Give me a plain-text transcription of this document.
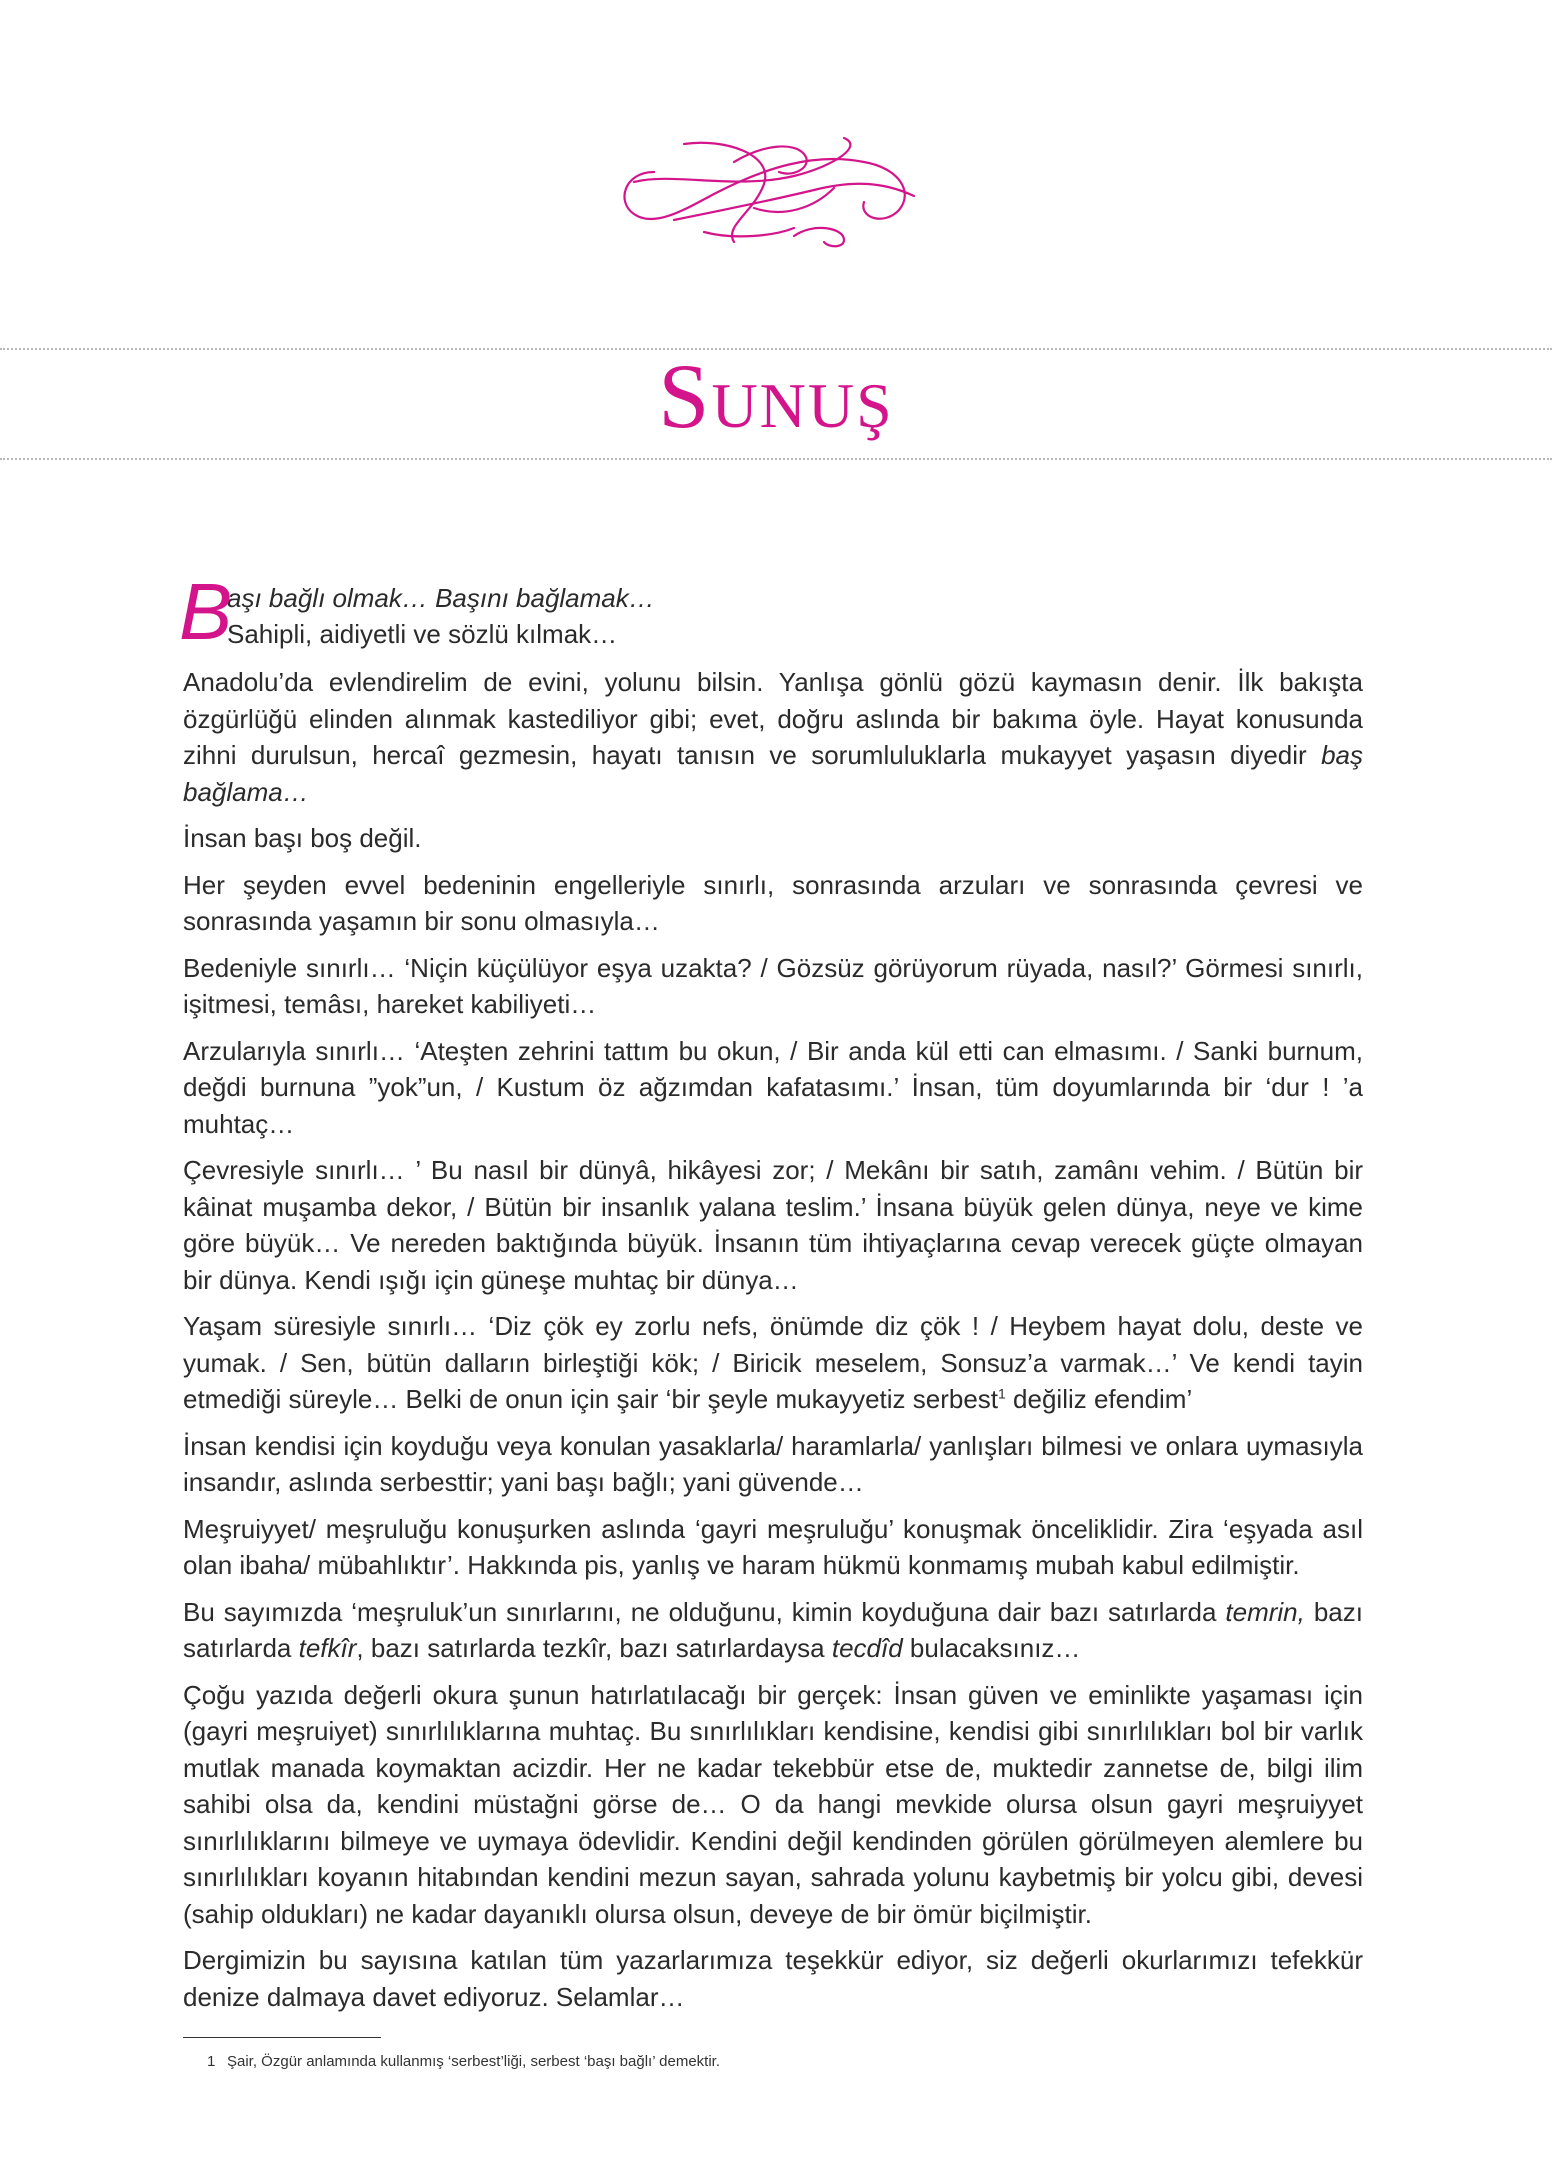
Sunuş
B
aşı bağlı olmak… Başını bağlamak…
Sahipli, aidiyetli ve sözlü kılmak…

Anadolu’da evlendirelim de evini, yolunu bilsin. Yanlışa gönlü gözü kaymasın denir. İlk bakışta özgürlüğü elinden alınmak kastediliyor gibi; evet, doğru aslında bir bakıma öyle. Hayat konusunda zihni durulsun, hercaî gezmesin, hayatı tanısın ve sorumluluklarla mukayyet yaşasın diyedir baş bağlama…

İnsan başı boş değil.

Her şeyden evvel bedeninin engelleriyle sınırlı, sonrasında arzuları ve sonrasında çevresi ve sonrasında yaşamın bir sonu olmasıyla…

Bedeniyle sınırlı… ‘Niçin küçülüyor eşya uzakta? / Gözsüz görüyorum rüyada, nasıl?’ Görmesi sınırlı, işitmesi, temâsı, hareket kabiliyeti…

Arzularıyla sınırlı… ‘Ateşten zehrini tattım bu okun, / Bir anda kül etti can elmasımı. / Sanki burnum, değdi burnuna ”yok”un, / Kustum öz ağzımdan kafatasımı.’ İnsan, tüm doyumlarında bir ‘dur ! ’a muhtaç…

Çevresiyle sınırlı… ’ Bu nasıl bir dünyâ, hikâyesi zor; / Mekânı bir satıh, zamânı vehim. / Bütün bir kâinat muşamba dekor, / Bütün bir insanlık yalana teslim.’ İnsana büyük gelen dünya, neye ve kime göre büyük… Ve nereden baktığında büyük. İnsanın tüm ihtiyaçlarına cevap verecek güçte olmayan bir dünya. Kendi ışığı için güneşe muhtaç bir dünya…

Yaşam süresiyle sınırlı… ‘Diz çök ey zorlu nefs, önümde diz çök ! / Heybem hayat dolu, deste ve yumak. / Sen, bütün dalların birleştiği kök; / Biricik meselem, Sonsuz’a varmak…’ Ve kendi tayin etmediği süreyle… Belki de onun için şair ‘bir şeyle mukayyetiz serbest$^1$ değiliz efendim’

İnsan kendisi için koyduğu veya konulan yasaklarla/ haramlarla/ yanlışları bilmesi ve onlara uymasıyla insandır, aslında serbesttir; yani başı bağlı; yani güvende…

Meşruiyyet/ meşruluğu konuşurken aslında ‘gayri meşruluğu’ konuşmak önceliklidir. Zira ‘eşyada asıl olan ibaha/ mübahlıktır’. Hakkında pis, yanlış ve haram hükmü konmamış mubah kabul edilmiştir.

Bu sayımızda ‘meşruluk’un sınırlarını, ne olduğunu, kimin koyduğuna dair bazı satırlarda temrin, bazı satırlarda tefkîr, bazı satırlarda tezkîr, bazı satırlardaysa tecdîd bulacaksınız…

Çoğu yazıda değerli okura şunun hatırlatılacağı bir gerçek: İnsan güven ve eminlikte yaşaması için (gayri meşruiyet) sınırlılıklarına muhtaç. Bu sınırlılıkları kendisine, kendisi gibi sınırlılıkları bol bir varlık mutlak manada koymaktan acizdir. Her ne kadar tekebbür etse de, muktedir zannetse de, bilgi ilim sahibi olsa da, kendini müstağni görse de… O da hangi mevkide olursa olsun gayri meşruiyyet sınırlılıklarını bilmeye ve uymaya ödevlidir. Kendini değil kendinden görülen görülmeyen alemlere bu sınırlılıkları koyanın hitabından kendini mezun sayan, sahrada yolunu kaybetmiş bir yolcu gibi, devesi (sahip oldukları) ne kadar dayanıklı olursa olsun, deveye de bir ömür biçilmiştir.

Dergimizin bu sayısına katılan tüm yazarlarımıza teşekkür ediyor, siz değerli okurlarımızı tefekkür denize dalmaya davet ediyoruz. Selamlar…

1 Şair, Özgür anlamında kullanmış ‘serbest’liği, serbest ‘başı bağlı’ demektir.
